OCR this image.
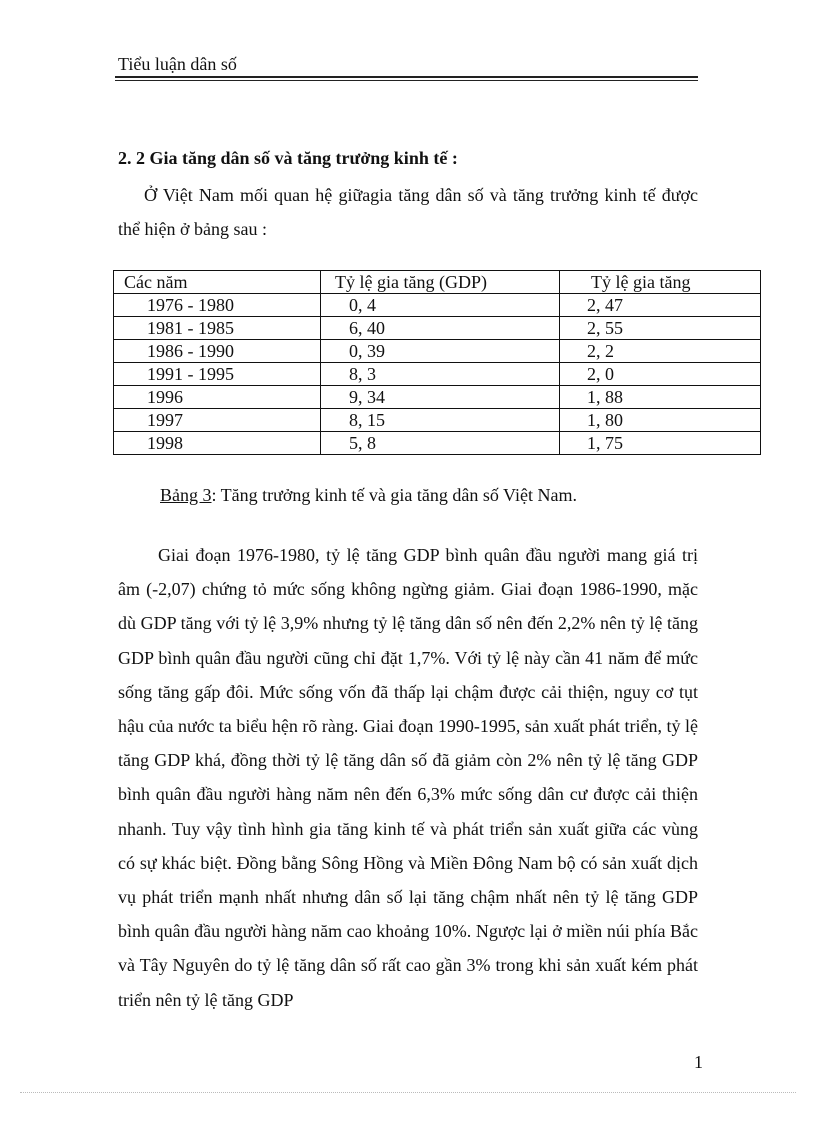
Tiểu luận dân số
2. 2 Gia tăng dân số và tăng trưởng kinh tế :

Ở Việt Nam mối quan hệ giữagia tăng dân số và tăng trưởng kinh tế được thể hiện ở bảng sau :

Các năm	Tỷ lệ gia tăng (GDP)	Tỷ lệ gia tăng
1976 - 1980	0, 4	2, 47
1981 - 1985	6, 40	2, 55
1986 - 1990	0, 39	2, 2
1991 - 1995	8, 3	2, 0
1996	9, 34	1, 88
1997	8, 15	1, 80
1998	5, 8	1, 75
Bảng 3: Tăng trưởng kinh tế và gia tăng dân số Việt Nam.

Giai đoạn 1976-1980, tỷ lệ tăng GDP bình quân đầu người mang giá trị âm (-2,07) chứng tỏ mức sống không ngừng giảm. Giai đoạn 1986-1990, mặc dù GDP tăng với tỷ lệ 3,9% nhưng tỷ lệ tăng dân số nên đến 2,2% nên tỷ lệ tăng GDP bình quân đầu người cũng chỉ đặt 1,7%. Với tỷ lệ này cần 41 năm để mức sống tăng gấp đôi. Mức sống vốn đã thấp lại chậm được cải thiện, nguy cơ tụt hậu của nước ta biểu hện rõ ràng. Giai đoạn 1990-1995, sản xuất phát triển, tỷ lệ tăng GDP khá, đồng thời tỷ lệ tăng dân số đã giảm còn 2% nên tỷ lệ tăng GDP bình quân đầu người hàng năm nên đến 6,3% mức sống dân cư được cải thiện nhanh. Tuy vậy tình hình gia tăng kinh tế và phát triển sản xuất giữa các vùng có sự khác biệt. Đồng bằng Sông Hồng và Miền Đông Nam bộ có sản xuất dịch vụ phát triển mạnh nhất nhưng dân số lại tăng chậm nhất nên tỷ lệ tăng GDP bình quân đầu người hàng năm cao khoảng 10%. Ngược lại ở miền núi phía Bắc và Tây Nguyên do tỷ lệ tăng dân số rất cao gần 3% trong khi sản xuất kém phát triển nên tỷ lệ tăng GDP

1
